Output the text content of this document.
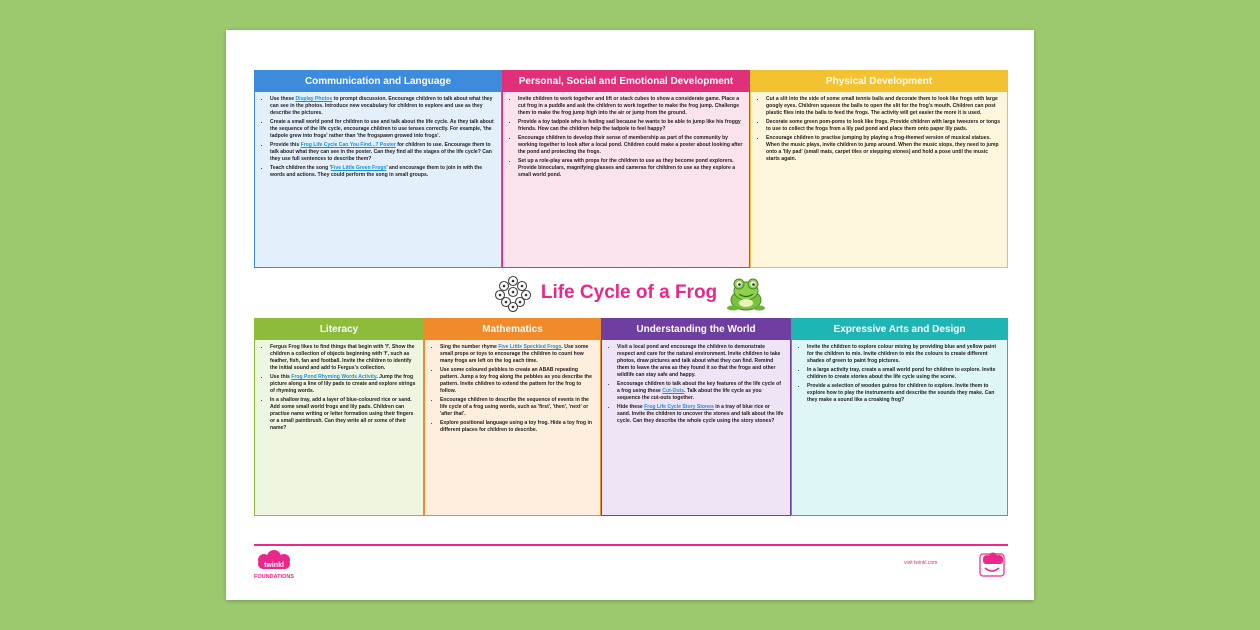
Communication and Language
• Use these Display Photos to prompt discussion. Encourage children to talk about what they can see in the photos. Introduce new vocabulary for children to explore and use as they describe the pictures.
• Create a small world pond for children to use and talk about the life cycle. As they talk about the sequence of the life cycle, encourage children to use tenses correctly. For example, 'the tadpole grew into frogs' rather than 'the frogspawn growed into frogs'.
• Provide this Frog Life Cycle Can You Find...? Poster for children to use. Encourage them to talk about what they can see in the poster. Can they find all the stages of the life cycle? Can they use full sentences to describe them?
• Teach children the song 'Five Little Green Frogs' and encourage them to join in with the words and actions. They could perform the song in small groups.
Personal, Social and Emotional Development
• Invite children to work together and lift or stack cubes to show a considerate game. Place a cut frog in a puddle and ask the children to work together to make the frog jump. Challenge them to make the frog jump high into the air or jump from the ground.
• Provide a toy tadpole who is feeling sad because he wants to be able to jump like his froggy friends. How can the children help the tadpole to feel happy?
• Encourage children to develop their sense of membership as part of the community by working together to look after a local pond. Children could make a poster about looking after the pond and protecting the frogs.
• Set up a role-play area with props for the children to use as they become pond explorers. Provide binoculars, magnifying glasses and cameras for children to use as they explore a small world pond.
Physical Development
• Cut a slit into the side of some small tennis balls and decorate them to look like frogs with large googly eyes. Children squeeze the balls to open the slit for the frog's mouth. Children can post plastic flies into the balls to feed the frogs. The activity will get easier the more it is used.
• Decorate some green pom-poms to look like frogs. Provide children with large tweezers or tongs to use to collect the frogs from a lily pad pond and place them onto paper lily pads.
• Encourage children to practise jumping by playing a frog-themed version of musical statues. When the music plays, invite children to jump around. When the music stops, they need to jump onto a 'lily pad' (small mats, carpet tiles or stepping stones) and hold a pose until the music starts again.
Life Cycle of a Frog
Literacy
• Fergus Frog likes to find things that begin with 'f'. Show the children a collection of objects beginning with 'f', such as feather, fish, fan and football. Invite the children to identify the initial sound and add to Fergus's collection.
• Use this Frog Pond Rhyming Words Activity. Jump the frog picture along a line of lily pads to create and explore strings of rhyming words.
• In a shallow tray, add a layer of blue-coloured rice or sand. Add some small world frogs and lily pads. Children can practise name writing or letter formation using their fingers or a small paintbrush. Can they write all or some of their name?
Mathematics
• Sing the number rhyme Five Little Speckled Frogs. Use some small props or toys to encourage the children to count how many frogs are left on the log each time.
• Use some coloured pebbles to create an ABAB repeating pattern. Jump a toy frog along the pebbles as you describe the pattern. Invite children to extend the pattern for the frog to follow.
• Encourage children to describe the sequence of events in the life cycle of a frog using words, such as 'first', 'then', 'next' or 'after that'.
• Explore positional language using a toy frog. Hide a toy frog in different places for children to describe.
Understanding the World
• Visit a local pond and encourage the children to demonstrate respect and care for the natural environment. Invite children to take photos, draw pictures and talk about what they can find. Remind them to leave the area as they found it so that the frogs and other wildlife can stay safe and happy.
• Encourage children to talk about the key features of the life cycle of a frog using these Cut-Outs. Talk about the life cycle as you sequence the cut-outs together.
• Hide these Frog Life Cycle Story Stones in a tray of blue rice or sand. Invite the children to uncover the stones and talk about the life cycle. Can they describe the whole cycle using the story stones?
Expressive Arts and Design
• Invite the children to explore colour mixing by providing blue and yellow paint for the children to mix. Invite children to mix the colours to create different shades of green to paint frog pictures.
• In a large activity tray, create a small world pond for children to explore. Invite children to create stories about the life cycle using the scene.
• Provide a selection of wooden guiros for children to explore. Invite them to explore how to play the instruments and describe the sounds they make. Can they make a sound like a croaking frog?
twinkl
FOUNDATIONS
visit twinkl.com
